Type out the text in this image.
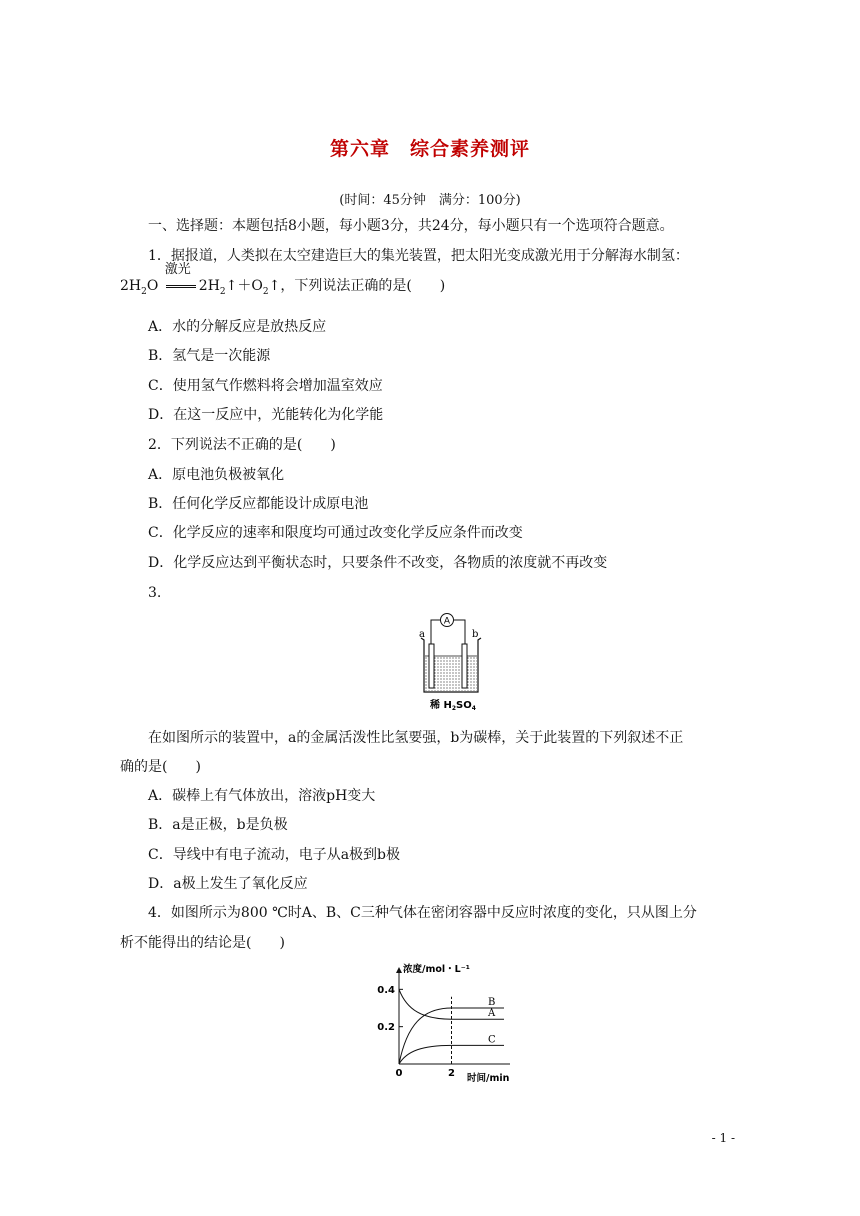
第六章　综合素养测评
(时间：45分钟　满分：100分)
一、选择题：本题包括8小题，每小题3分，共24分，每小题只有一个选项符合题意。
1．据报道，人类拟在太空建造巨大的集光装置，把太阳光变成激光用于分解海水制氢：
$2H_2O$
激光
$2H_2↑+O_2↑$，下列说法正确的是(　　)
A．水的分解反应是放热反应
B．氢气是一次能源
C．使用氢气作燃料将会增加温室效应
D．在这一反应中，光能转化为化学能
2．下列说法不正确的是(　　)
A．原电池负极被氧化
B．任何化学反应都能设计成原电池
C．化学反应的速率和限度均可通过改变化学反应条件而改变
D．化学反应达到平衡状态时，只要条件不改变，各物质的浓度就不再改变
3.
A
a	b
稀 $H_2SO_4$
在如图所示的装置中，a的金属活泼性比氢要强，b为碳棒，关于此装置的下列叙述不正
确的是(　　)
A．碳棒上有气体放出，溶液pH变大
B．a是正极，b是负极
C．导线中有电子流动，电子从a极到b极
D．a极上发生了氧化反应
4．如图所示为800 ℃时A、B、C三种气体在密闭容器中反应时浓度的变化，只从图上分
析不能得出的结论是(　　)
浓度/mol・L⁻¹
时间/min
0.4
0.2
0	2
B
A
C
- 1 -
